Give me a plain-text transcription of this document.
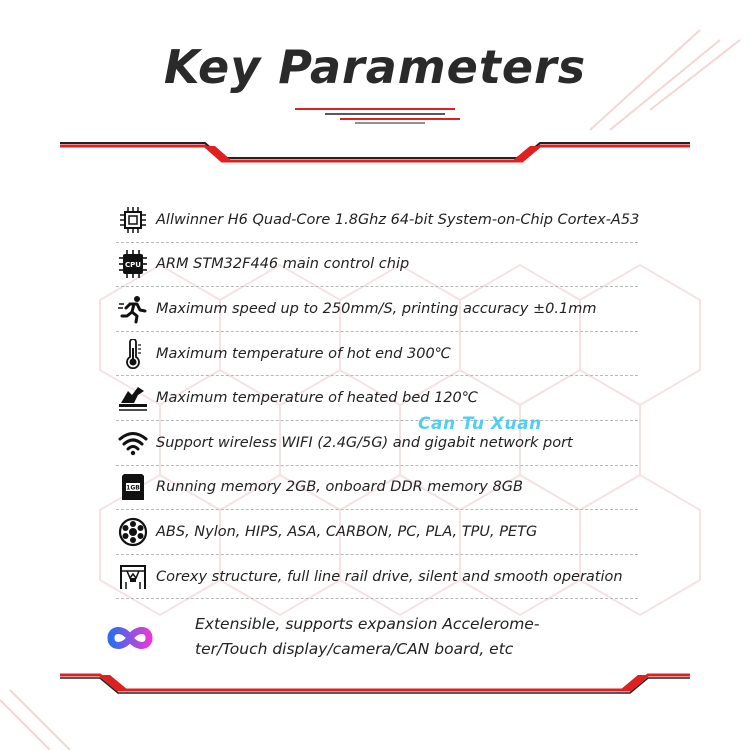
Key Parameters
Allwinner H6 Quad-Core 1.8Ghz 64-bit System-on-Chip Cortex-A53
CPU ARM STM32F446 main control chip
Maximum speed up to 250mm/S, printing accuracy ±0.1mm
Maximum temperature of hot end 300℃
Maximum temperature of heated bed 120℃
Support wireless WIFI (2.4G/5G) and gigabit network port
1GB Running memory 2GB, onboard DDR memory 8GB
ABS, Nylon, HIPS, ASA, CARBON, PC, PLA, TPU, PETG
Corexy structure, full line rail drive, silent and smooth operation
Can Tu Xuan
Extensible, supports expansion Accelerome-
ter/Touch display/camera/CAN board, etc
